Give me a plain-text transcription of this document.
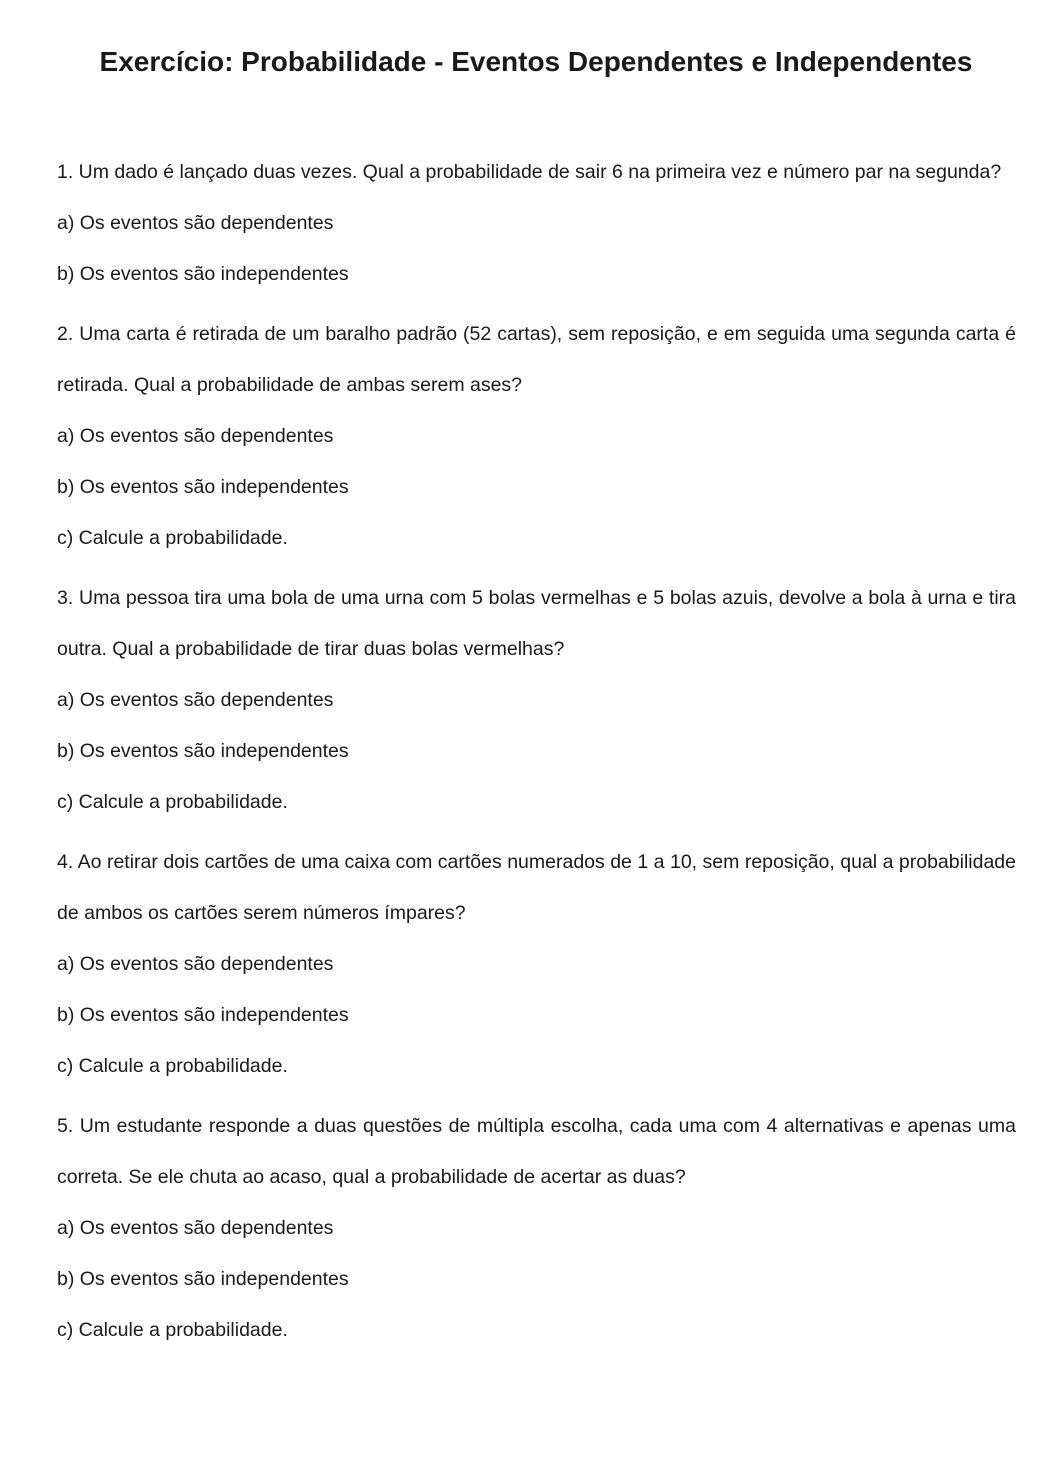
Exercício: Probabilidade - Eventos Dependentes e Independentes

1. Um dado é lançado duas vezes. Qual a probabilidade de sair 6 na primeira vez e número par na segunda?

a) Os eventos são dependentes

b) Os eventos são independentes

2. Uma carta é retirada de um baralho padrão (52 cartas), sem reposição, e em seguida uma segunda carta é retirada. Qual a probabilidade de ambas serem ases?

a) Os eventos são dependentes

b) Os eventos são independentes

c) Calcule a probabilidade.

3. Uma pessoa tira uma bola de uma urna com 5 bolas vermelhas e 5 bolas azuis, devolve a bola à urna e tira outra. Qual a probabilidade de tirar duas bolas vermelhas?

a) Os eventos são dependentes

b) Os eventos são independentes

c) Calcule a probabilidade.

4. Ao retirar dois cartões de uma caixa com cartões numerados de 1 a 10, sem reposição, qual a probabilidade de ambos os cartões serem números ímpares?

a) Os eventos são dependentes

b) Os eventos são independentes

c) Calcule a probabilidade.

5. Um estudante responde a duas questões de múltipla escolha, cada uma com 4 alternativas e apenas uma correta. Se ele chuta ao acaso, qual a probabilidade de acertar as duas?

a) Os eventos são dependentes

b) Os eventos são independentes

c) Calcule a probabilidade.
